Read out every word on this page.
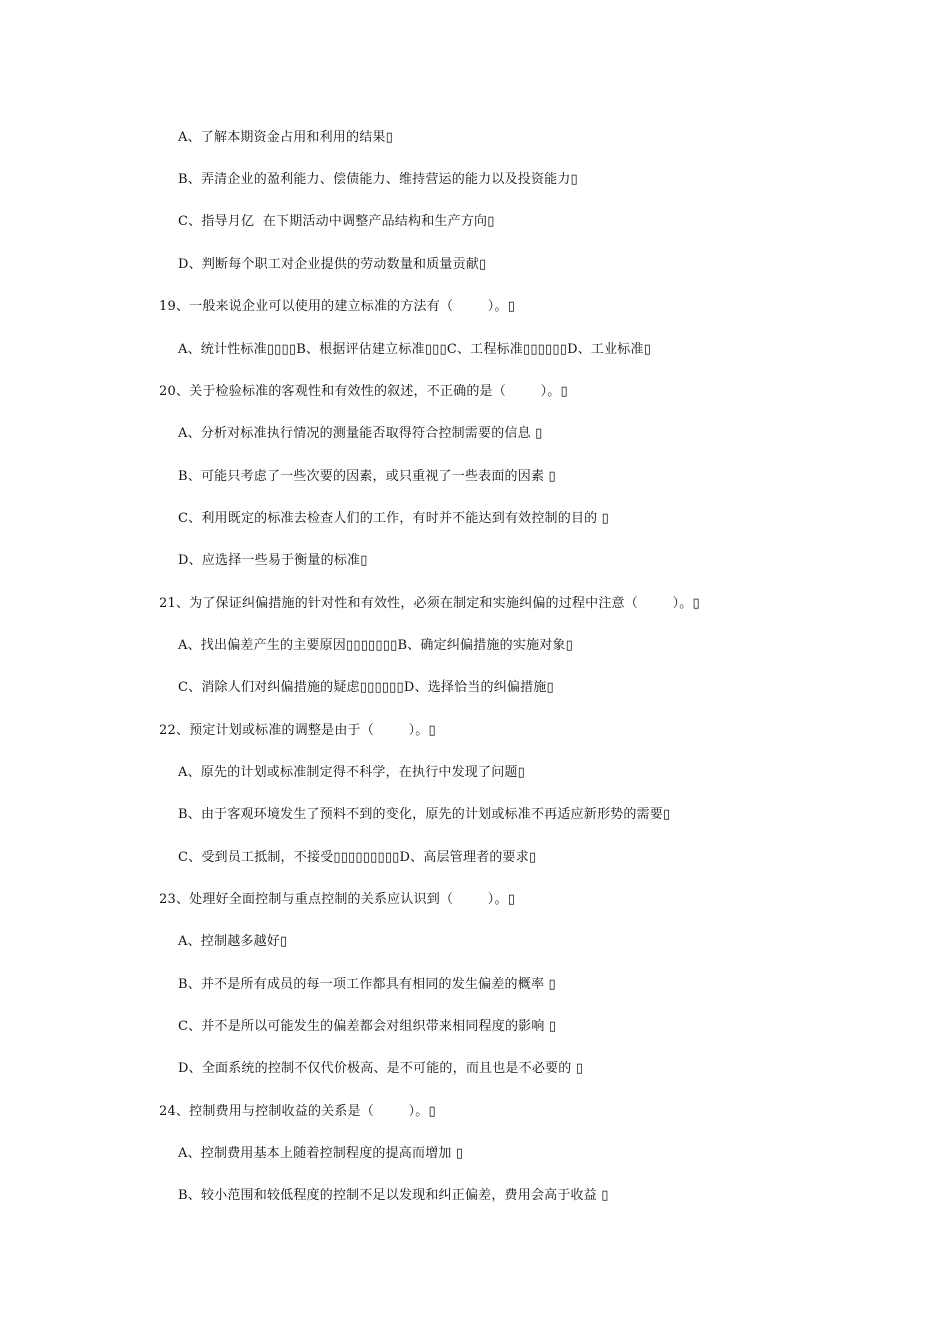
A、了解本期资金占用和利用的结果▯
B、弄清企业的盈利能力、偿债能力、维持营运的能力以及投资能力▯
C、指导月亿  在下期活动中调整产品结构和生产方向▯
D、判断每个职工对企业提供的劳动数量和质量贡献▯
19、一般来说企业可以使用的建立标准的方法有（        ）。▯
A、统计性标准▯▯▯▯B、根据评估建立标准▯▯▯C、工程标准▯▯▯▯▯▯D、工业标准▯
20、关于检验标准的客观性和有效性的叙述，不正确的是（        ）。▯
A、分析对标准执行情况的测量能否取得符合控制需要的信息 ▯
B、可能只考虑了一些次要的因素，或只重视了一些表面的因素 ▯
C、利用既定的标准去检查人们的工作，有时并不能达到有效控制的目的 ▯
D、应选择一些易于衡量的标准▯
21、为了保证纠偏措施的针对性和有效性，必须在制定和实施纠偏的过程中注意（        ）。▯
A、找出偏差产生的主要原因▯▯▯▯▯▯▯B、确定纠偏措施的实施对象▯
C、消除人们对纠偏措施的疑虑▯▯▯▯▯▯D、选择恰当的纠偏措施▯
22、预定计划或标准的调整是由于（        ）。▯
A、原先的计划或标准制定得不科学，在执行中发现了问题▯
B、由于客观环境发生了预料不到的变化，原先的计划或标准不再适应新形势的需要▯
C、受到员工抵制，不接受▯▯▯▯▯▯▯▯▯D、高层管理者的要求▯
23、处理好全面控制与重点控制的关系应认识到（        ）。▯
A、控制越多越好▯
B、并不是所有成员的每一项工作都具有相同的发生偏差的概率 ▯
C、并不是所以可能发生的偏差都会对组织带来相同程度的影响 ▯
D、全面系统的控制不仅代价极高、是不可能的，而且也是不必要的 ▯
24、控制费用与控制收益的关系是（        ）。▯
A、控制费用基本上随着控制程度的提高而增加 ▯
B、较小范围和较低程度的控制不足以发现和纠正偏差，费用会高于收益 ▯
